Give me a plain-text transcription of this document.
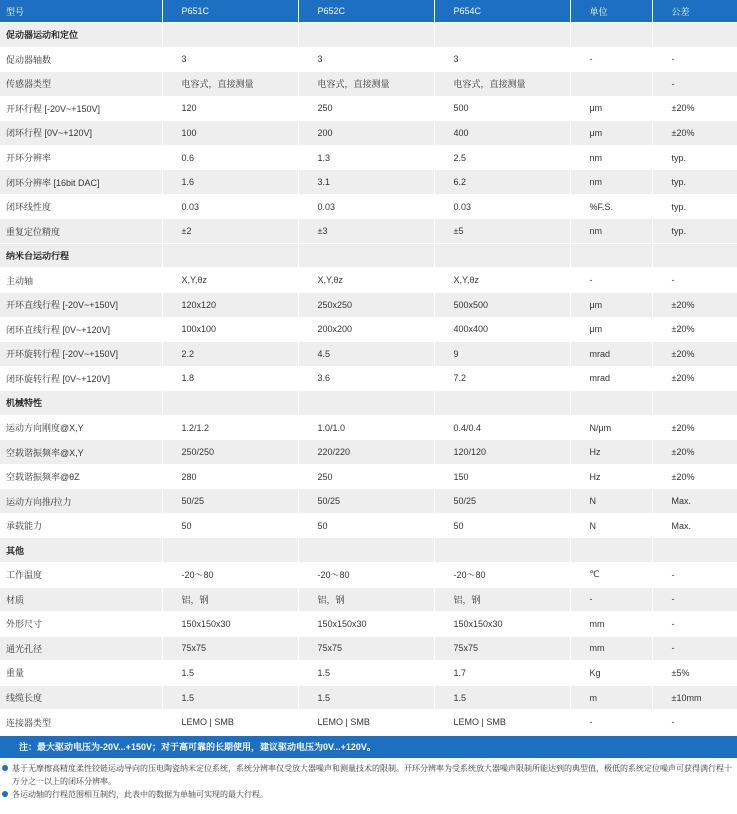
型号	P651C	P652C	P654C	单位	公差
促动器运动和定位					
促动器轴数	3	3	3	-	-
传感器类型	电容式，直接测量	电容式，直接测量	电容式，直接测量		-
开环行程 [-20V~+150V]	120	250	500	μm	±20%
闭环行程 [0V~+120V]	100	200	400	μm	±20%
开环分辨率	0.6	1.3	2.5	nm	typ.
闭环分辨率 [16bit DAC]	1.6	3.1	6.2	nm	typ.
闭环线性度	0.03	0.03	0.03	%F.S.	typ.
重复定位精度	±2	±3	±5	nm	typ.
纳米台运动行程					
主动轴	X,Y,θz	X,Y,θz	X,Y,θz	-	-
开环直线行程 [-20V~+150V]	120x120	250x250	500x500	μm	±20%
闭环直线行程 [0V~+120V]	100x100	200x200	400x400	μm	±20%
开环旋转行程 [-20V~+150V]	2.2	4.5	9	mrad	±20%
闭环旋转行程 [0V~+120V]	1.8	3.6	7.2	mrad	±20%
机械特性					
运动方向刚度@X,Y	1.2/1.2	1.0/1.0	0.4/0.4	N/μm	±20%
空载谐振频率@X,Y	250/250	220/220	120/120	Hz	±20%
空载谐振频率@θZ	280	250	150	Hz	±20%
运动方向推/拉力	50/25	50/25	50/25	N	Max.
承载能力	50	50	50	N	Max.
其他					
工作温度	-20～80	-20～80	-20～80	℃	-
材质	铝，钢	铝，钢	铝，钢	-	-
外形尺寸	150x150x30	150x150x30	150x150x30	mm	-
通光孔径	75x75	75x75	75x75	mm	-
重量	1.5	1.5	1.7	Kg	±5%
线缆长度	1.5	1.5	1.5	m	±10mm
连接器类型	LEMO | SMB	LEMO | SMB	LEMO | SMB	-	-
注：最大驱动电压为-20V...+150V；对于高可靠的长期使用，建议驱动电压为0V...+120V。
基于无摩擦高精度柔性铰链运动导向的压电陶瓷纳米定位系统，系统分辨率仅受放大器噪声和测量技术的限制。开环分辨率为受系统放大器噪声限制所能达到的典型值，极低的系统定位噪声可获得满行程十万分之一以上的闭环分辨率。
各运动轴的行程范围相互制约，此表中的数据为单轴可实现的最大行程。
